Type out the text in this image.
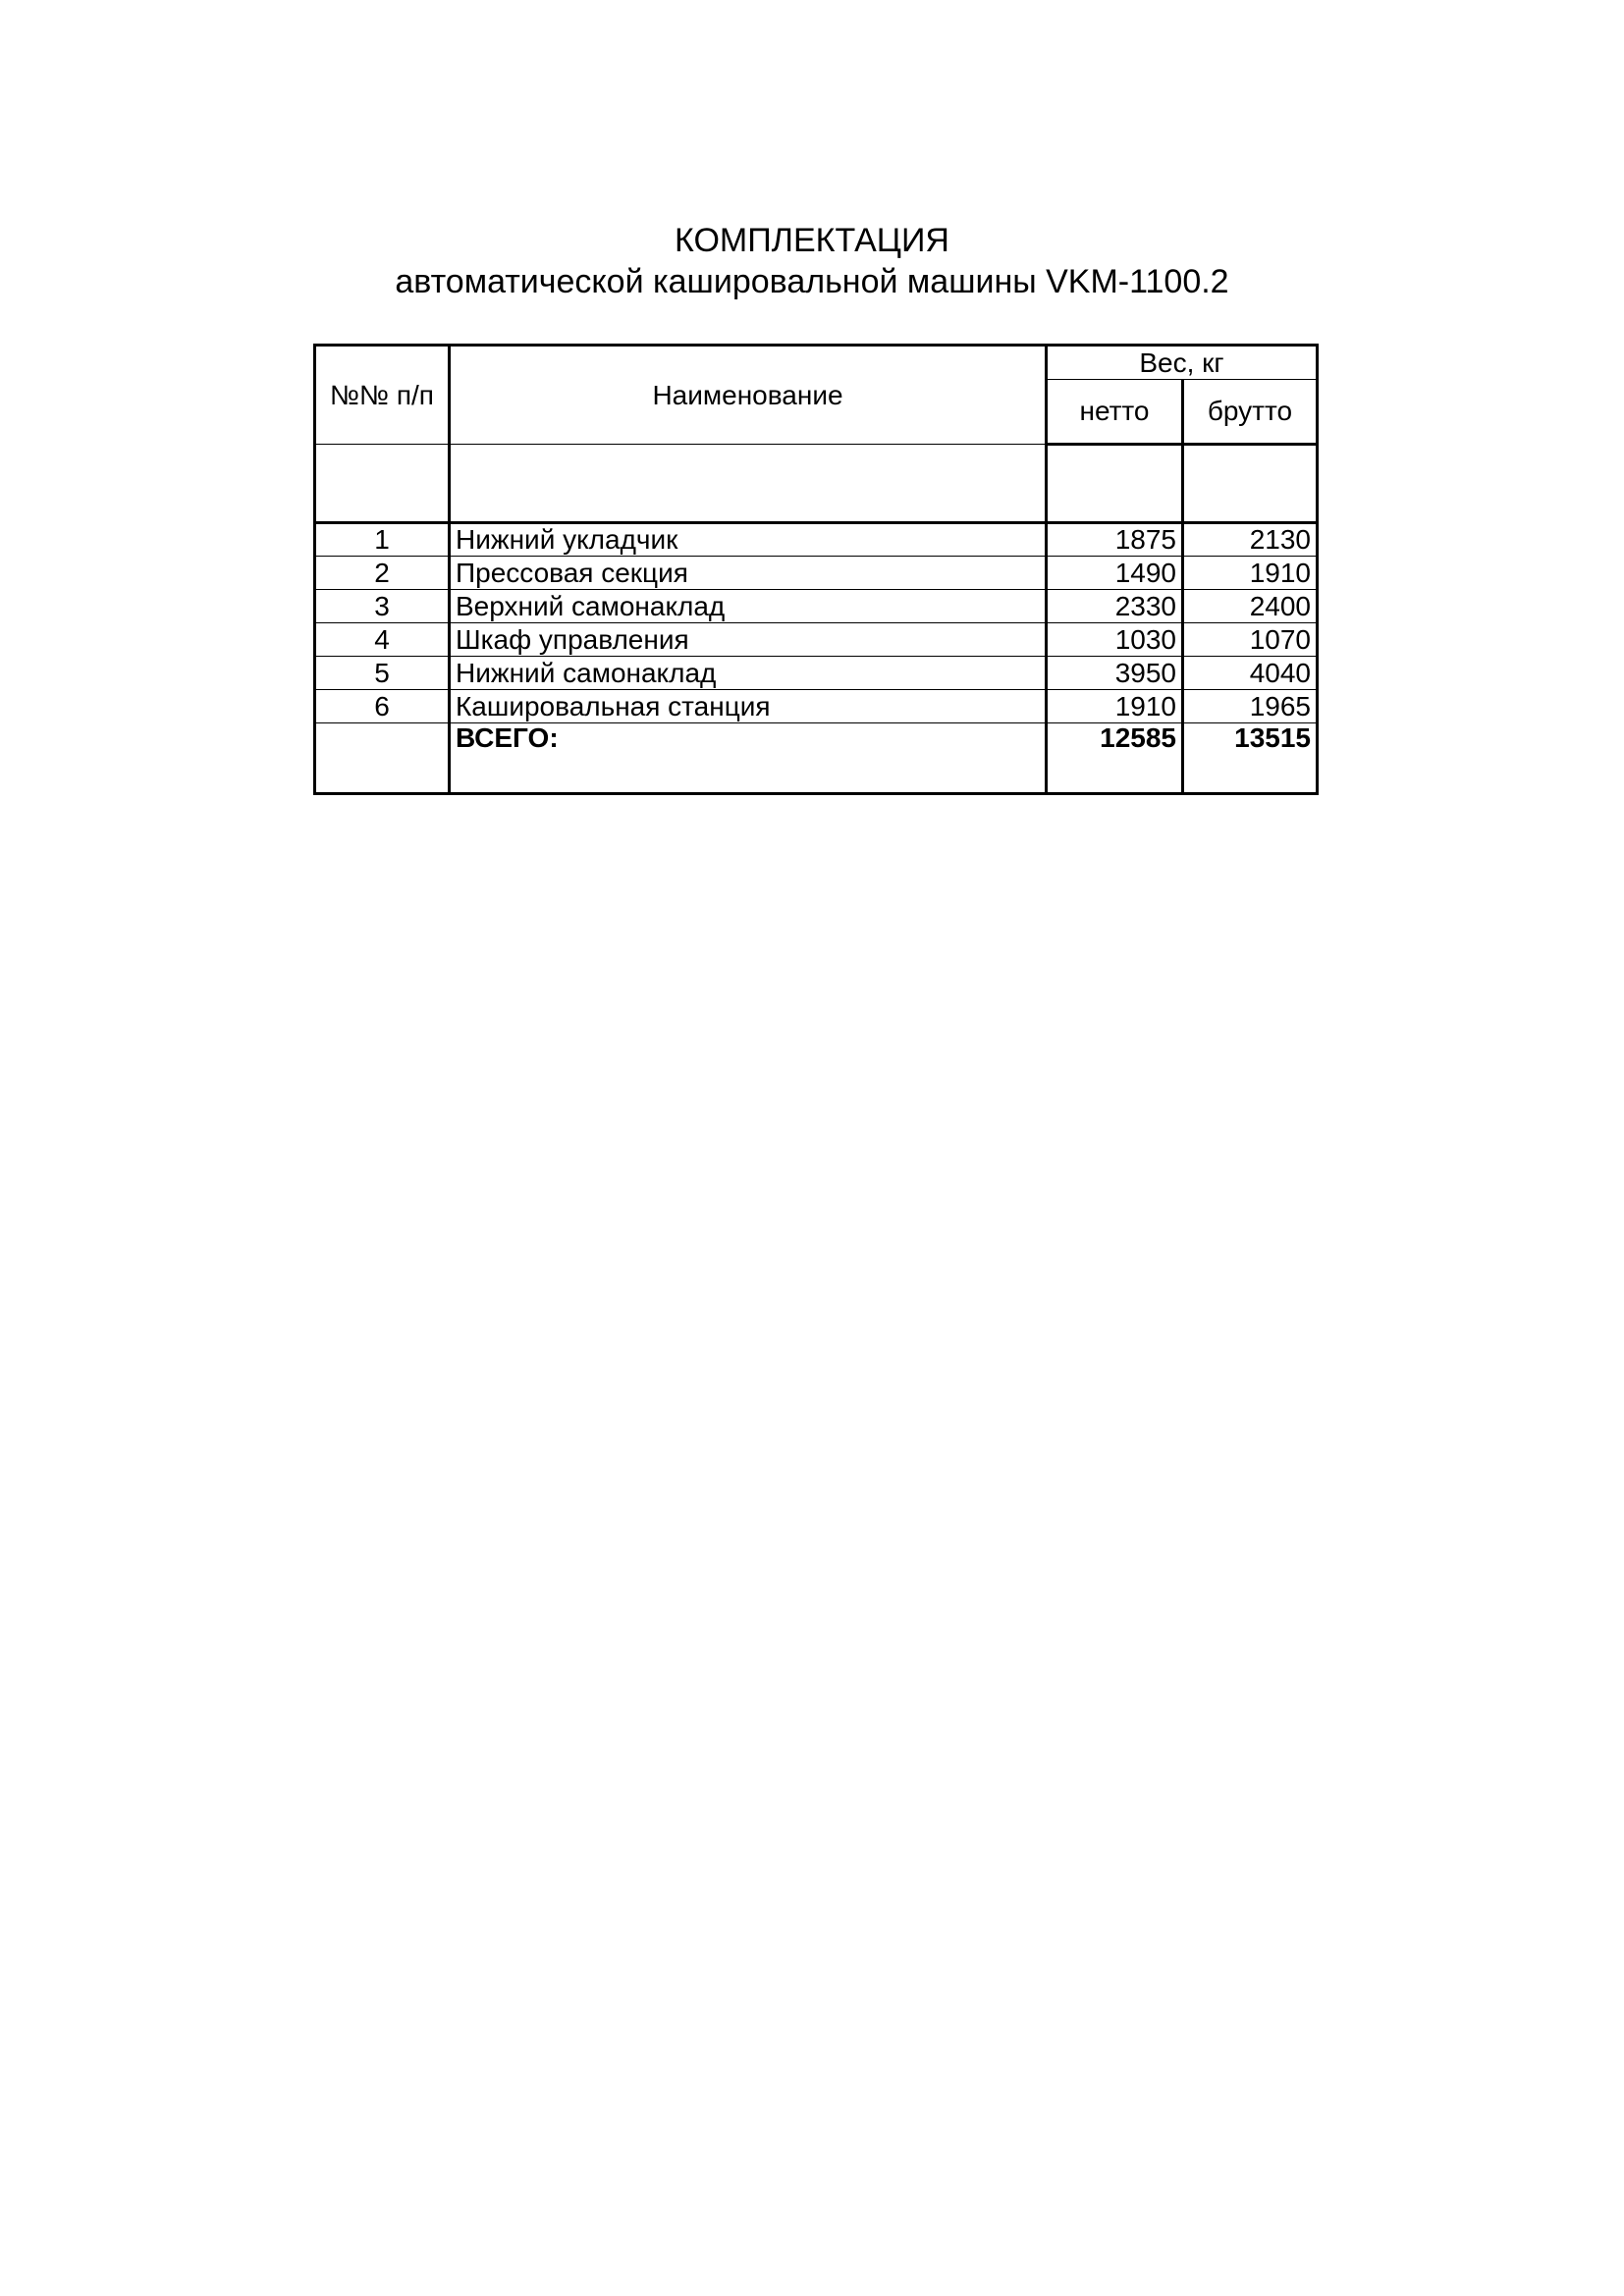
КОМПЛЕКТАЦИЯ

автоматической кашировальной машины VKM-1100.2

№№ п/п	Наименование	Вес, кг	
		нетто	брутто

1	Нижний укладчик	1875	2130
2	Прессовая секция	1490	1910
3	Верхний самонаклад	2330	2400
4	Шкаф управления	1030	1070
5	Нижний самонаклад	3950	4040
6	Кашировальная станция	1910	1965
	ВСЕГО:	12585	13515
